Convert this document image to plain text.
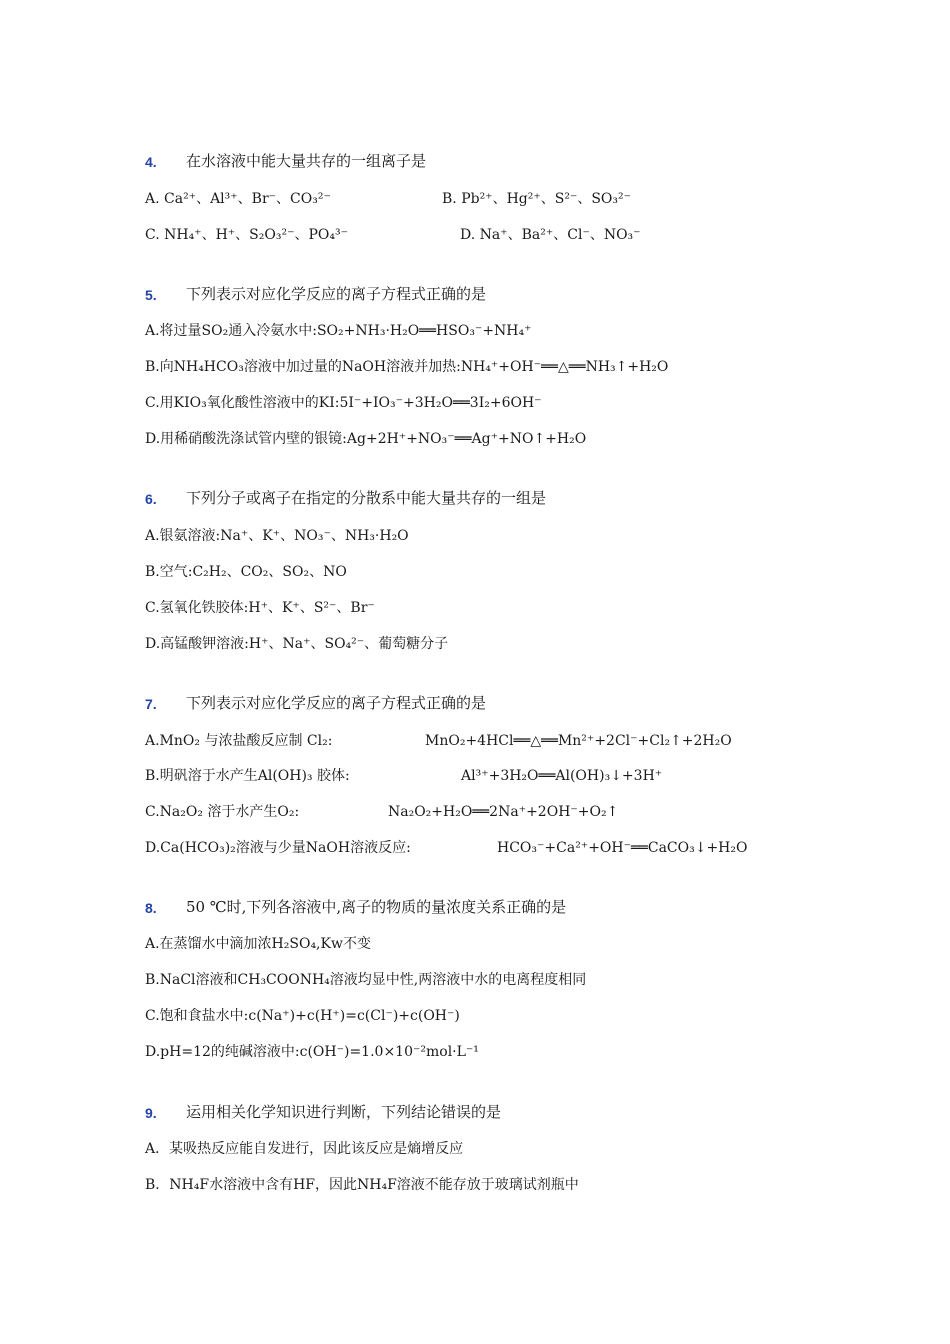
4. 在水溶液中能大量共存的一组离子是
A. Ca²⁺、Al³⁺、Br⁻、CO₃²⁻	B. Pb²⁺、Hg²⁺、S²⁻、SO₃²⁻
C. NH₄⁺、H⁺、S₂O₃²⁻、PO₄³⁻	D. Na⁺、Ba²⁺、Cl⁻、NO₃⁻
5. 下列表示对应化学反应的离子方程式正确的是
A.将过量SO₂通入冷氨水中:SO₂+NH₃·H₂O══HSO₃⁻+NH₄⁺
B.向NH₄HCO₃溶液中加过量的NaOH溶液并加热:NH₄⁺+OH⁻══△══NH₃↑+H₂O
C.用KIO₃氧化酸性溶液中的KI:5I⁻+IO₃⁻+3H₂O══3I₂+6OH⁻
D.用稀硝酸洗涤试管内壁的银镜:Ag+2H⁺+NO₃⁻══Ag⁺+NO↑+H₂O
6. 下列分子或离子在指定的分散系中能大量共存的一组是
A.银氨溶液:Na⁺、K⁺、NO₃⁻、NH₃·H₂O
B.空气:C₂H₂、CO₂、SO₂、NO
C.氢氧化铁胶体:H⁺、K⁺、S²⁻、Br⁻
D.高锰酸钾溶液:H⁺、Na⁺、SO₄²⁻、葡萄糖分子
7. 下列表示对应化学反应的离子方程式正确的是
A.MnO₂ 与浓盐酸反应制 Cl₂:	MnO₂+4HCl══△══Mn²⁺+2Cl⁻+Cl₂↑+2H₂O
B.明矾溶于水产生Al(OH)₃ 胶体:	Al³⁺+3H₂O══Al(OH)₃↓+3H⁺
C.Na₂O₂ 溶于水产生O₂:	Na₂O₂+H₂O══2Na⁺+2OH⁻+O₂↑
D.Ca(HCO₃)₂溶液与少量NaOH溶液反应:	HCO₃⁻+Ca²⁺+OH⁻══CaCO₃↓+H₂O
8. 50 ℃时,下列各溶液中,离子的物质的量浓度关系正确的是
A.在蒸馏水中滴加浓H₂SO₄,Kw不变
B.NaCl溶液和CH₃COONH₄溶液均显中性,两溶液中水的电离程度相同
C.饱和食盐水中:c(Na⁺)+c(H⁺)=c(Cl⁻)+c(OH⁻)
D.pH=12的纯碱溶液中:c(OH⁻)=1.0×10⁻²mol·L⁻¹
9. 运用相关化学知识进行判断，下列结论错误的是
A．某吸热反应能自发进行，因此该反应是熵增反应
B．NH₄F水溶液中含有HF，因此NH₄F溶液不能存放于玻璃试剂瓶中
